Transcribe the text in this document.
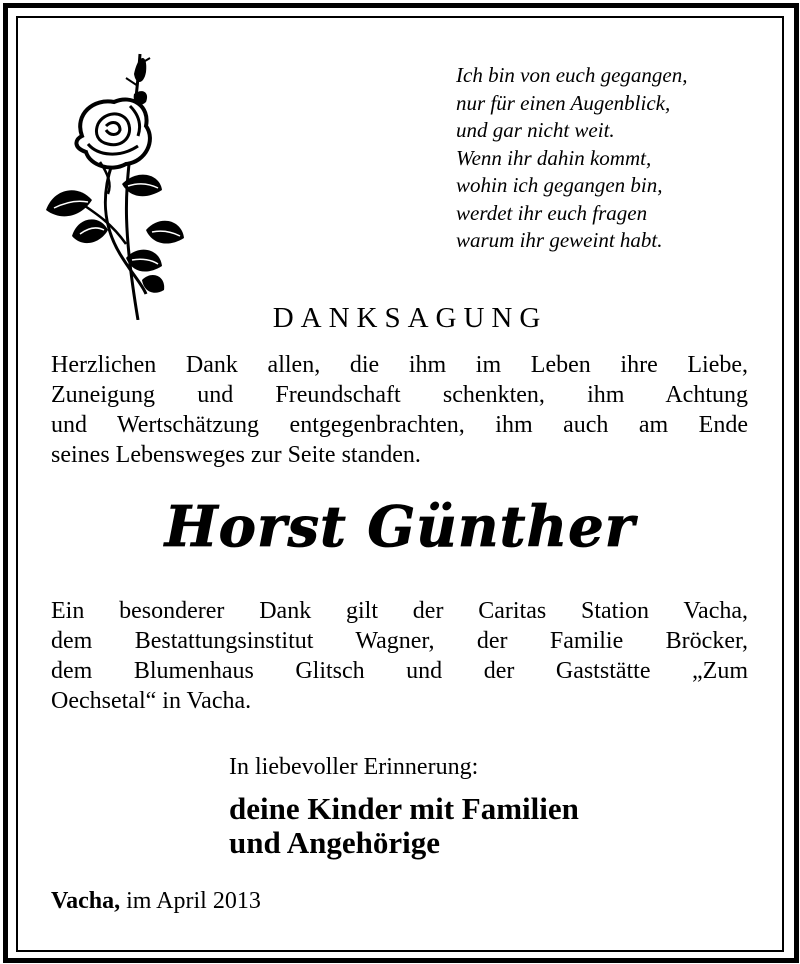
Ich bin von euch gegangen,
nur für einen Augenblick,
und gar nicht weit.
Wenn ihr dahin kommt,
wohin ich gegangen bin,
werdet ihr euch fragen
warum ihr geweint habt.
DANKSAGUNG
Herzlichen Dank allen, die ihm im Leben ihre Liebe,
Zuneigung und Freundschaft schenkten, ihm Achtung
und Wertschätzung entgegenbrachten, ihm auch am Ende
seines Lebensweges zur Seite standen.
Horst Günther
Ein besonderer Dank gilt der Caritas Station Vacha,
dem Bestattungsinstitut Wagner, der Familie Bröcker,
dem Blumenhaus Glitsch und der Gaststätte „Zum
Oechsetal“ in Vacha.
In liebevoller Erinnerung:
deine Kinder mit Familien
und Angehörige
Vacha, im April 2013
